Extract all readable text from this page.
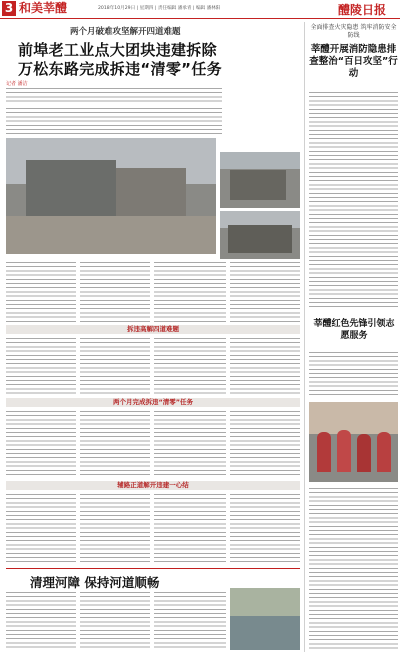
3 和美莘醴	2018年10月29日 | 星期四 | 责任编辑 潘承青 | 编辑 潘林阳	醴陵日报
两个月破难攻坚解开四道难题
前埠老工业点大团块违建拆除
万松东路完成拆违“清零”任务
记者 潘洁
拆违高解四道难题
两个月完成拆违“清零”任务
辅路正道解开违建一心结
清理河障 保持河道顺畅
全面排查火灾隐患 筑牢消防安全防线
莘醴开展消防隐患排查整治“百日攻坚”行动
莘醴红色先锋引领志愿服务
